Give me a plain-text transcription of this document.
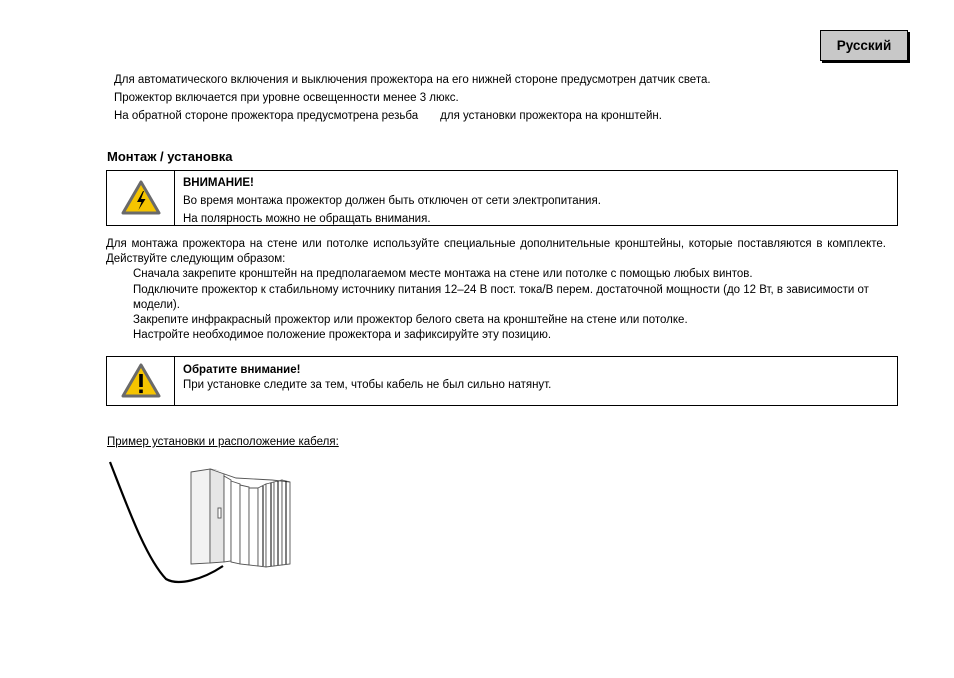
Русский

Для автоматического включения и выключения прожектора на его нижней стороне предусмотрен датчик света.

Прожектор включается при уровне освещенности менее 3 люкс.

На обратной стороне прожектора предусмотрена резьба для установки прожектора на кронштейн.

Монтаж / установка
ВНИМАНИЕ!
Во время монтажа прожектор должен быть отключен от сети электропитания.
На полярность можно не обращать внимания.

Для монтажа прожектора на стене или потолке используйте специальные дополнительные кронштейны, которые поставляются в комплекте. Действуйте следующим образом:

Сначала закрепите кронштейн на предполагаемом месте монтажа на стене или потолке с помощью любых винтов.
Подключите прожектор к стабильному источнику питания 12–24 В пост. тока/В перем. достаточной мощности (до 12 Вт, в зависимости от модели).
Закрепите инфракрасный прожектор или прожектор белого света на кронштейне на стене или потолке.
Настройте необходимое положение прожектора и зафиксируйте эту позицию.
Обратите внимание!
При установке следите за тем, чтобы кабель не был сильно натянут.

Пример установки и расположение кабеля:
